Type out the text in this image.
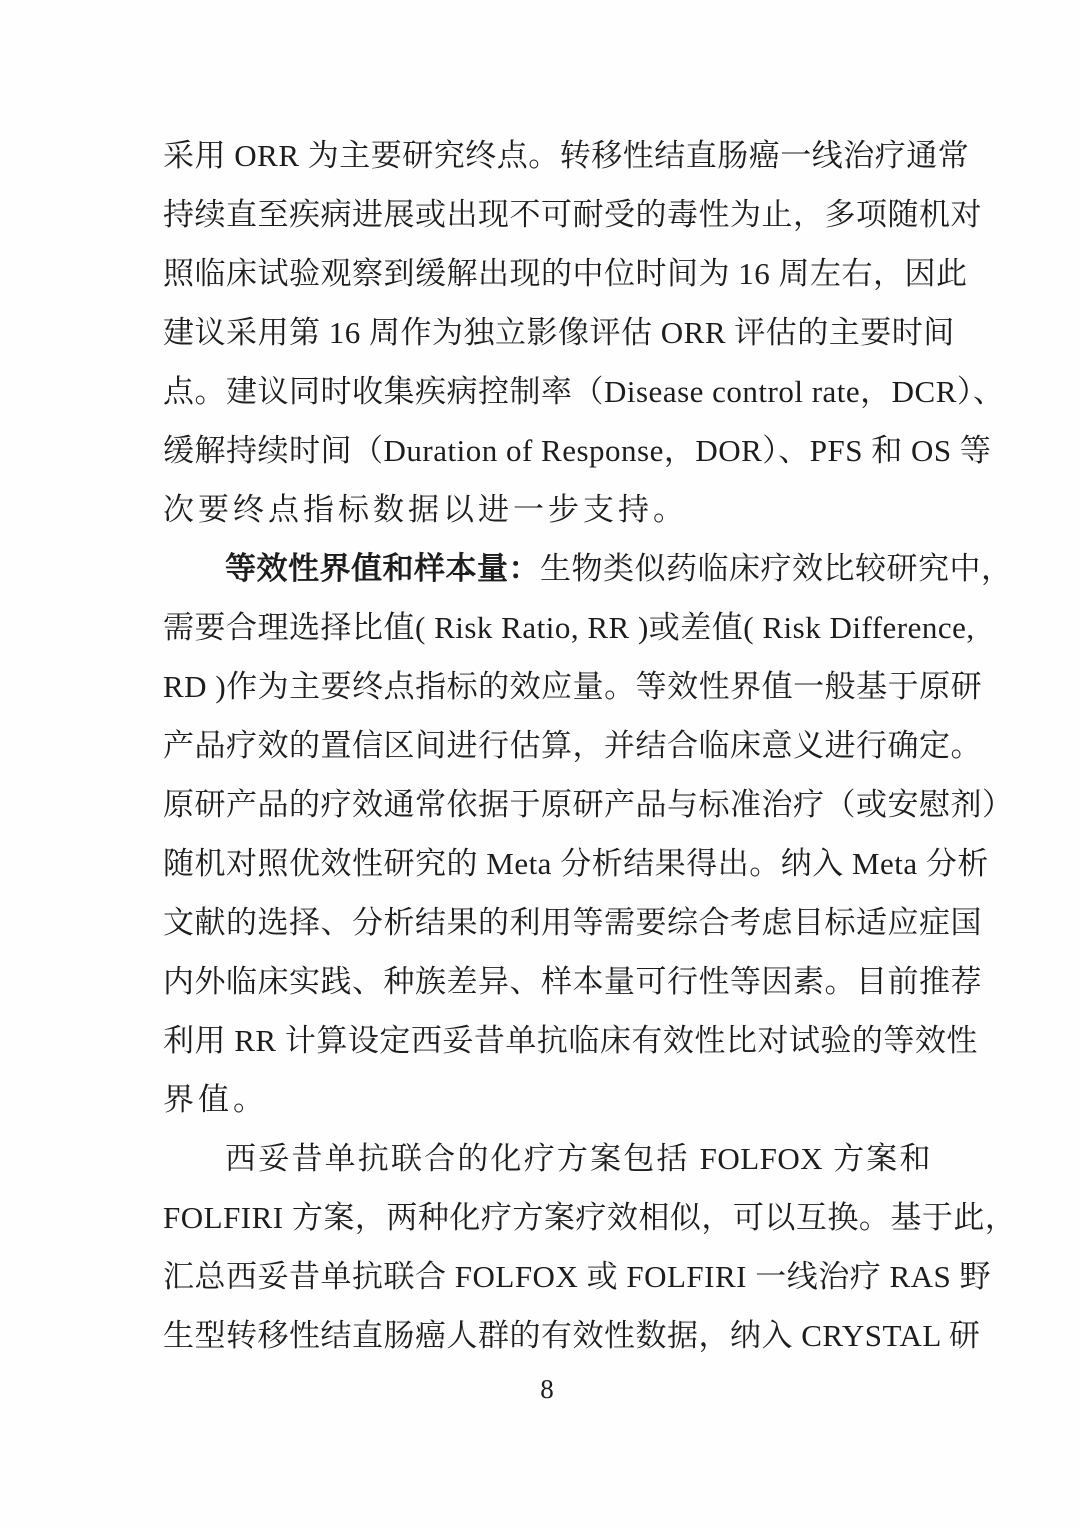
采用 ORR 为主要研究终点。转移性结直肠癌一线治疗通常
持续直至疾病进展或出现不可耐受的毒性为止，多项随机对
照临床试验观察到缓解出现的中位时间为 16 周左右，因此
建议采用第 16 周作为独立影像评估 ORR 评估的主要时间
点。建议同时收集疾病控制率（Disease control rate，DCR）、
缓解持续时间（Duration of Response，DOR）、PFS 和 OS 等
次要终点指标数据以进一步支持。
等效性界值和样本量：生物类似药临床疗效比较研究中，
需要合理选择比值( Risk Ratio, RR )或差值( Risk Difference,
RD )作为主要终点指标的效应量。等效性界值一般基于原研
产品疗效的置信区间进行估算，并结合临床意义进行确定。
原研产品的疗效通常依据于原研产品与标准治疗（或安慰剂）
随机对照优效性研究的 Meta 分析结果得出。纳入 Meta 分析
文献的选择、分析结果的利用等需要综合考虑目标适应症国
内外临床实践、种族差异、样本量可行性等因素。目前推荐
利用 RR 计算设定西妥昔单抗临床有效性比对试验的等效性
界值。
西妥昔单抗联合的化疗方案包括 FOLFOX 方案和
FOLFIRI 方案，两种化疗方案疗效相似，可以互换。基于此，
汇总西妥昔单抗联合 FOLFOX 或 FOLFIRI 一线治疗 RAS 野
生型转移性结直肠癌人群的有效性数据，纳入 CRYSTAL 研
8
